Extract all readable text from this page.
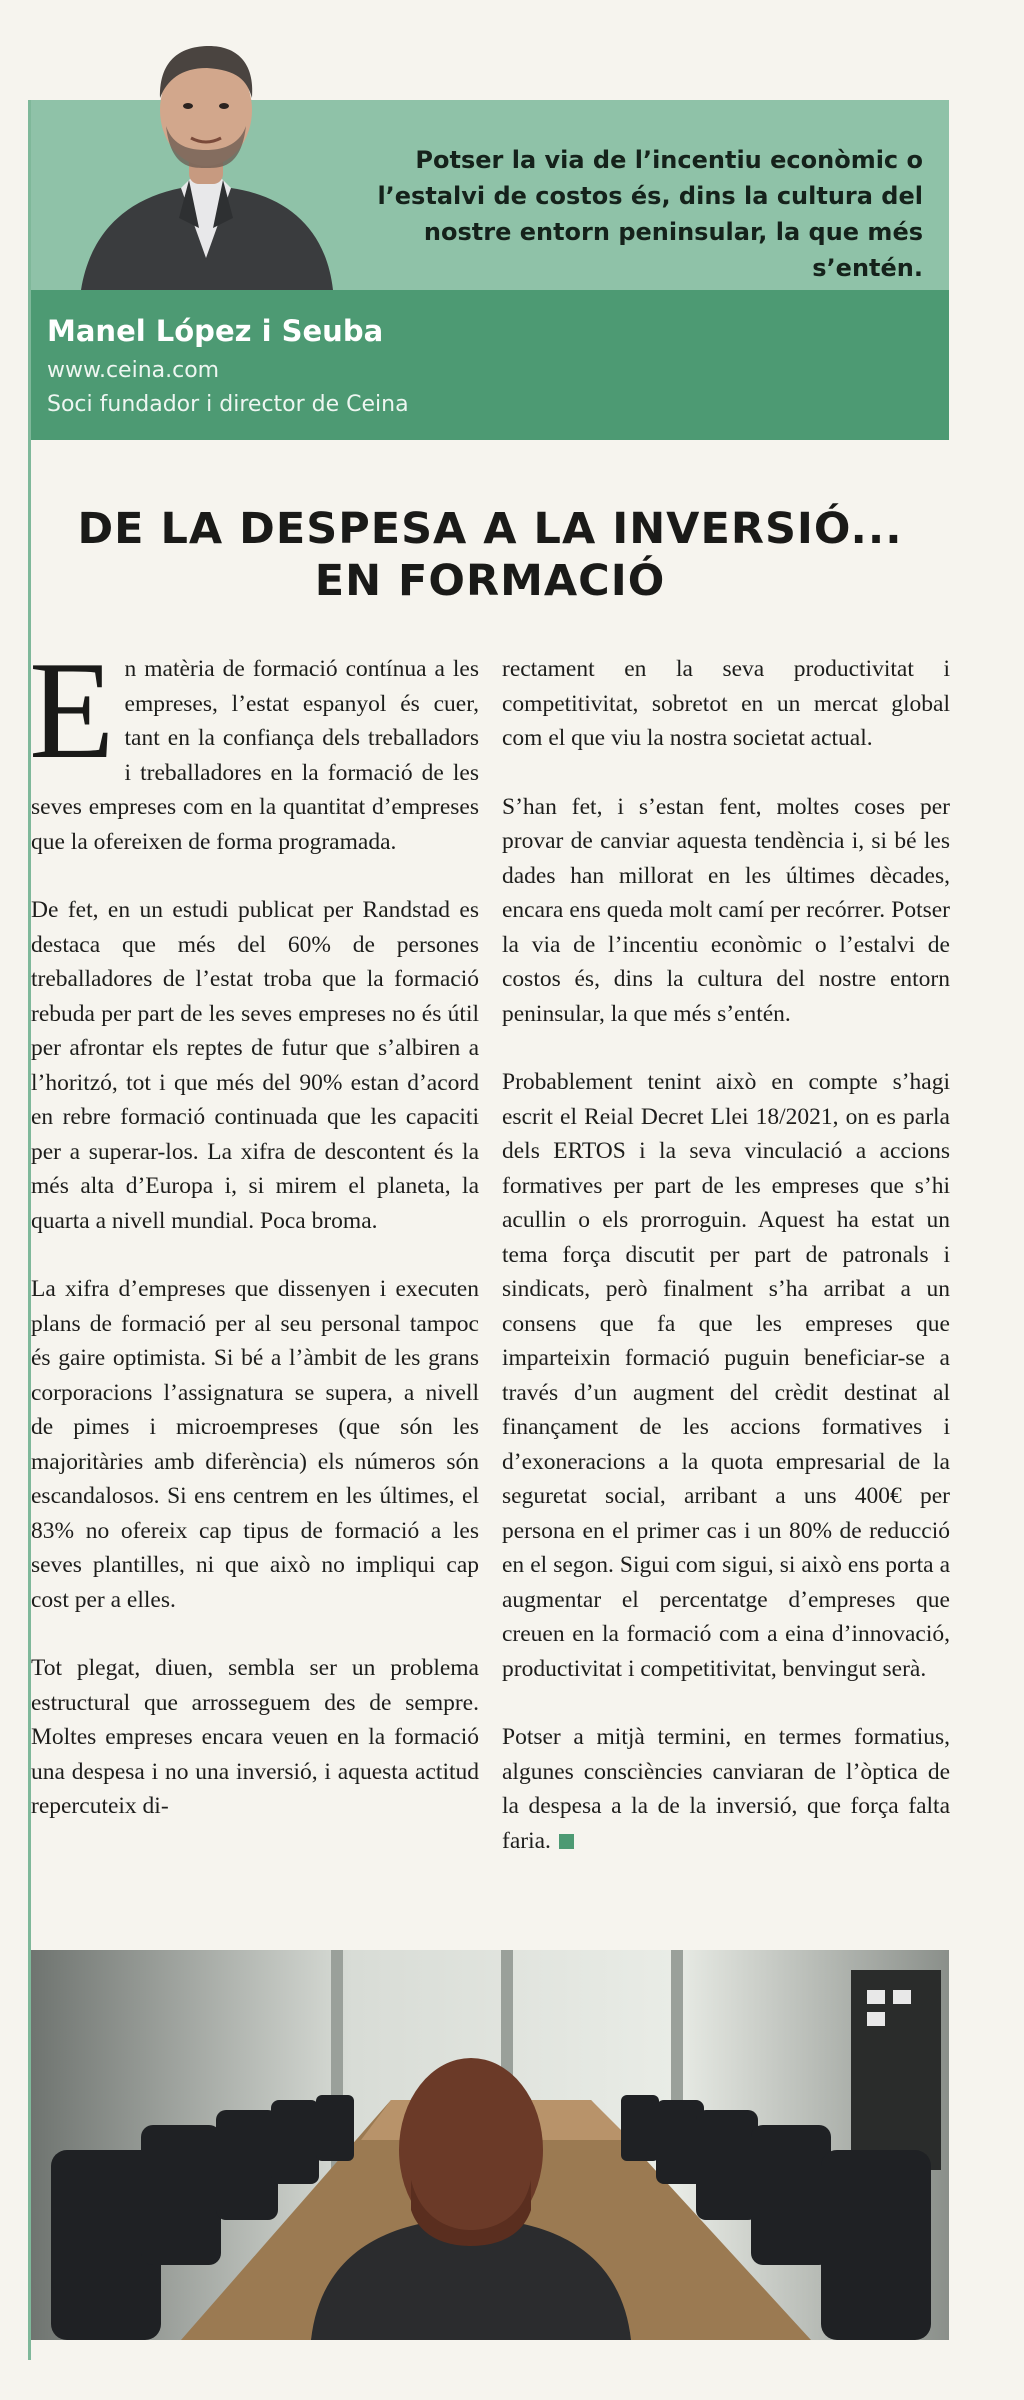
Potser la via de l’incentiu econòmic o l’estalvi de costos és, dins la cultura del nostre entorn peninsular, la que més s’entén.
Manel López i Seuba
www.ceina.com
Soci fundador i director de Ceina
DE LA DESPESA A LA INVERSIÓ...
EN FORMACIÓ

En matèria de formació contínua a les empreses, l’estat espanyol és cuer, tant en la confiança dels treballadors i treballadores en la formació de les seves empreses com en la quantitat d’empreses que la ofereixen de forma programada.

De fet, en un estudi publicat per Randstad es destaca que més del 60% de persones treballadores de l’estat troba que la formació rebuda per part de les seves empreses no és útil per afrontar els reptes de futur que s’albiren a l’horitzó, tot i que més del 90% estan d’acord en rebre formació continuada que les capaciti per a superar-los. La xifra de descontent és la més alta d’Europa i, si mirem el planeta, la quarta a nivell mundial. Poca broma.

La xifra d’empreses que dissenyen i executen plans de formació per al seu personal tampoc és gaire optimista. Si bé a l’àmbit de les grans corporacions l’assignatura se supera, a nivell de pimes i microempreses (que són les majoritàries amb diferència) els números són escandalosos. Si ens centrem en les últimes, el 83% no ofereix cap tipus de formació a les seves plantilles, ni que això no impliqui cap cost per a elles.

Tot plegat, diuen, sembla ser un problema estructural que arrosseguem des de sempre. Moltes empreses encara veuen en la formació una despesa i no una inversió, i aquesta actitud repercuteix di-

rectament en la seva productivitat i competitivitat, sobretot en un mercat global com el que viu la nostra societat actual.

S’han fet, i s’estan fent, moltes coses per provar de canviar aquesta tendència i, si bé les dades han millorat en les últimes dècades, encara ens queda molt camí per recórrer. Potser la via de l’incentiu econòmic o l’estalvi de costos és, dins la cultura del nostre entorn peninsular, la que més s’entén.

Probablement tenint això en compte s’hagi escrit el Reial Decret Llei 18/2021, on es parla dels ERTOS i la seva vinculació a accions formatives per part de les empreses que s’hi acullin o els prorroguin. Aquest ha estat un tema força discutit per part de patronals i sindicats, però finalment s’ha arribat a un consens que fa que les empreses que imparteixin formació puguin beneficiar-se a través d’un augment del crèdit destinat al finançament de les accions formatives i d’exoneracions a la quota empresarial de la seguretat social, arribant a uns 400€ per persona en el primer cas i un 80% de reducció en el segon. Sigui com sigui, si això ens porta a augmentar el percentatge d’empreses que creuen en la formació com a eina d’innovació, productivitat i competitivitat, benvingut serà.

Potser a mitjà termini, en termes formatius, algunes consciències canviaran de l’òptica de la despesa a la de la inversió, que força falta faria.
